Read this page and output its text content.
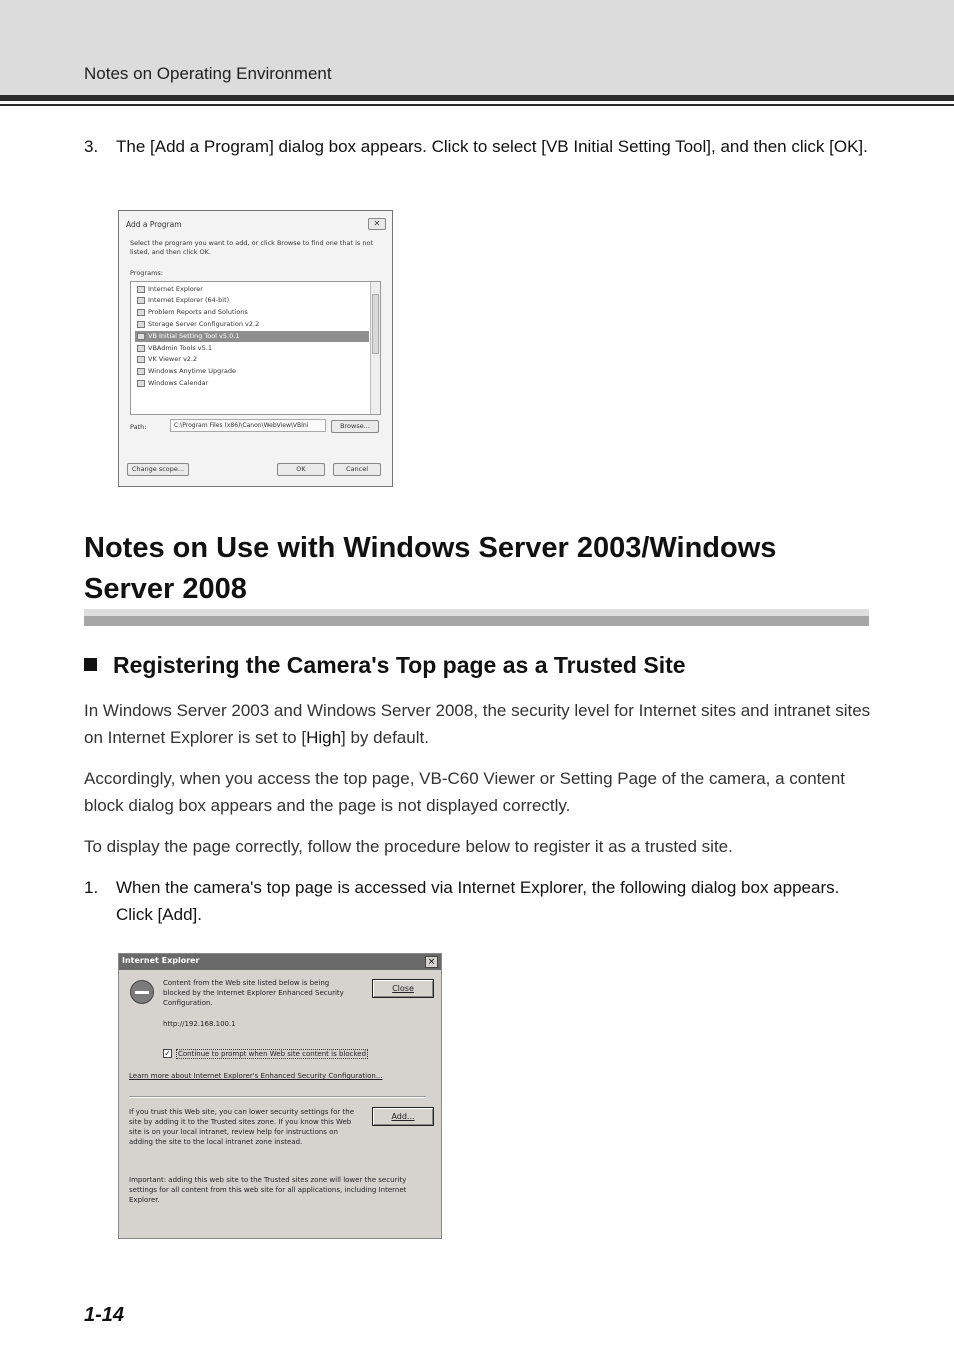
Notes on Operating Environment
3. The [Add a Program] dialog box appears. Click to select [VB Initial Setting Tool], and then click [OK].
Add a Program	✕
Select the program you want to add, or click Browse to find one that is not listed, and then click OK.
Programs:
Internet Explorer
Internet Explorer (64-bit)
Problem Reports and Solutions
Storage Server Configuration v2.2
VB Initial Setting Tool v5.0.1
VBAdmin Tools v5.1
VK Viewer v2.2
Windows Anytime Upgrade
Windows Calendar
Path:	C:\Program Files (x86)\Canon\WebView\VBIni	Browse...
Change scope...	OK	Cancel
Notes on Use with Windows Server 2003/Windows Server 2008
Registering the Camera's Top page as a Trusted Site

In Windows Server 2003 and Windows Server 2008, the security level for Internet sites and intranet sites on Internet Explorer is set to [High] by default.

Accordingly, when you access the top page, VB-C60 Viewer or Setting Page of the camera, a content block dialog box appears and the page is not displayed correctly.

To display the page correctly, follow the procedure below to register it as a trusted site.

1. When the camera's top page is accessed via Internet Explorer, the following dialog box appears. Click [Add].
Internet Explorer	×
Content from the Web site listed below is being blocked by the Internet Explorer Enhanced Security Configuration.
http://192.168.100.1
✓ Continue to prompt when Web site content is blocked
Learn more about Internet Explorer's Enhanced Security Configuration...
If you trust this Web site, you can lower security settings for the site by adding it to the Trusted sites zone. If you know this Web site is on your local intranet, review help for instructions on adding the site to the local intranet zone instead.
Important: adding this web site to the Trusted sites zone will lower the security settings for all content from this web site for all applications, including Internet Explorer.
Close
Add...
1-14
